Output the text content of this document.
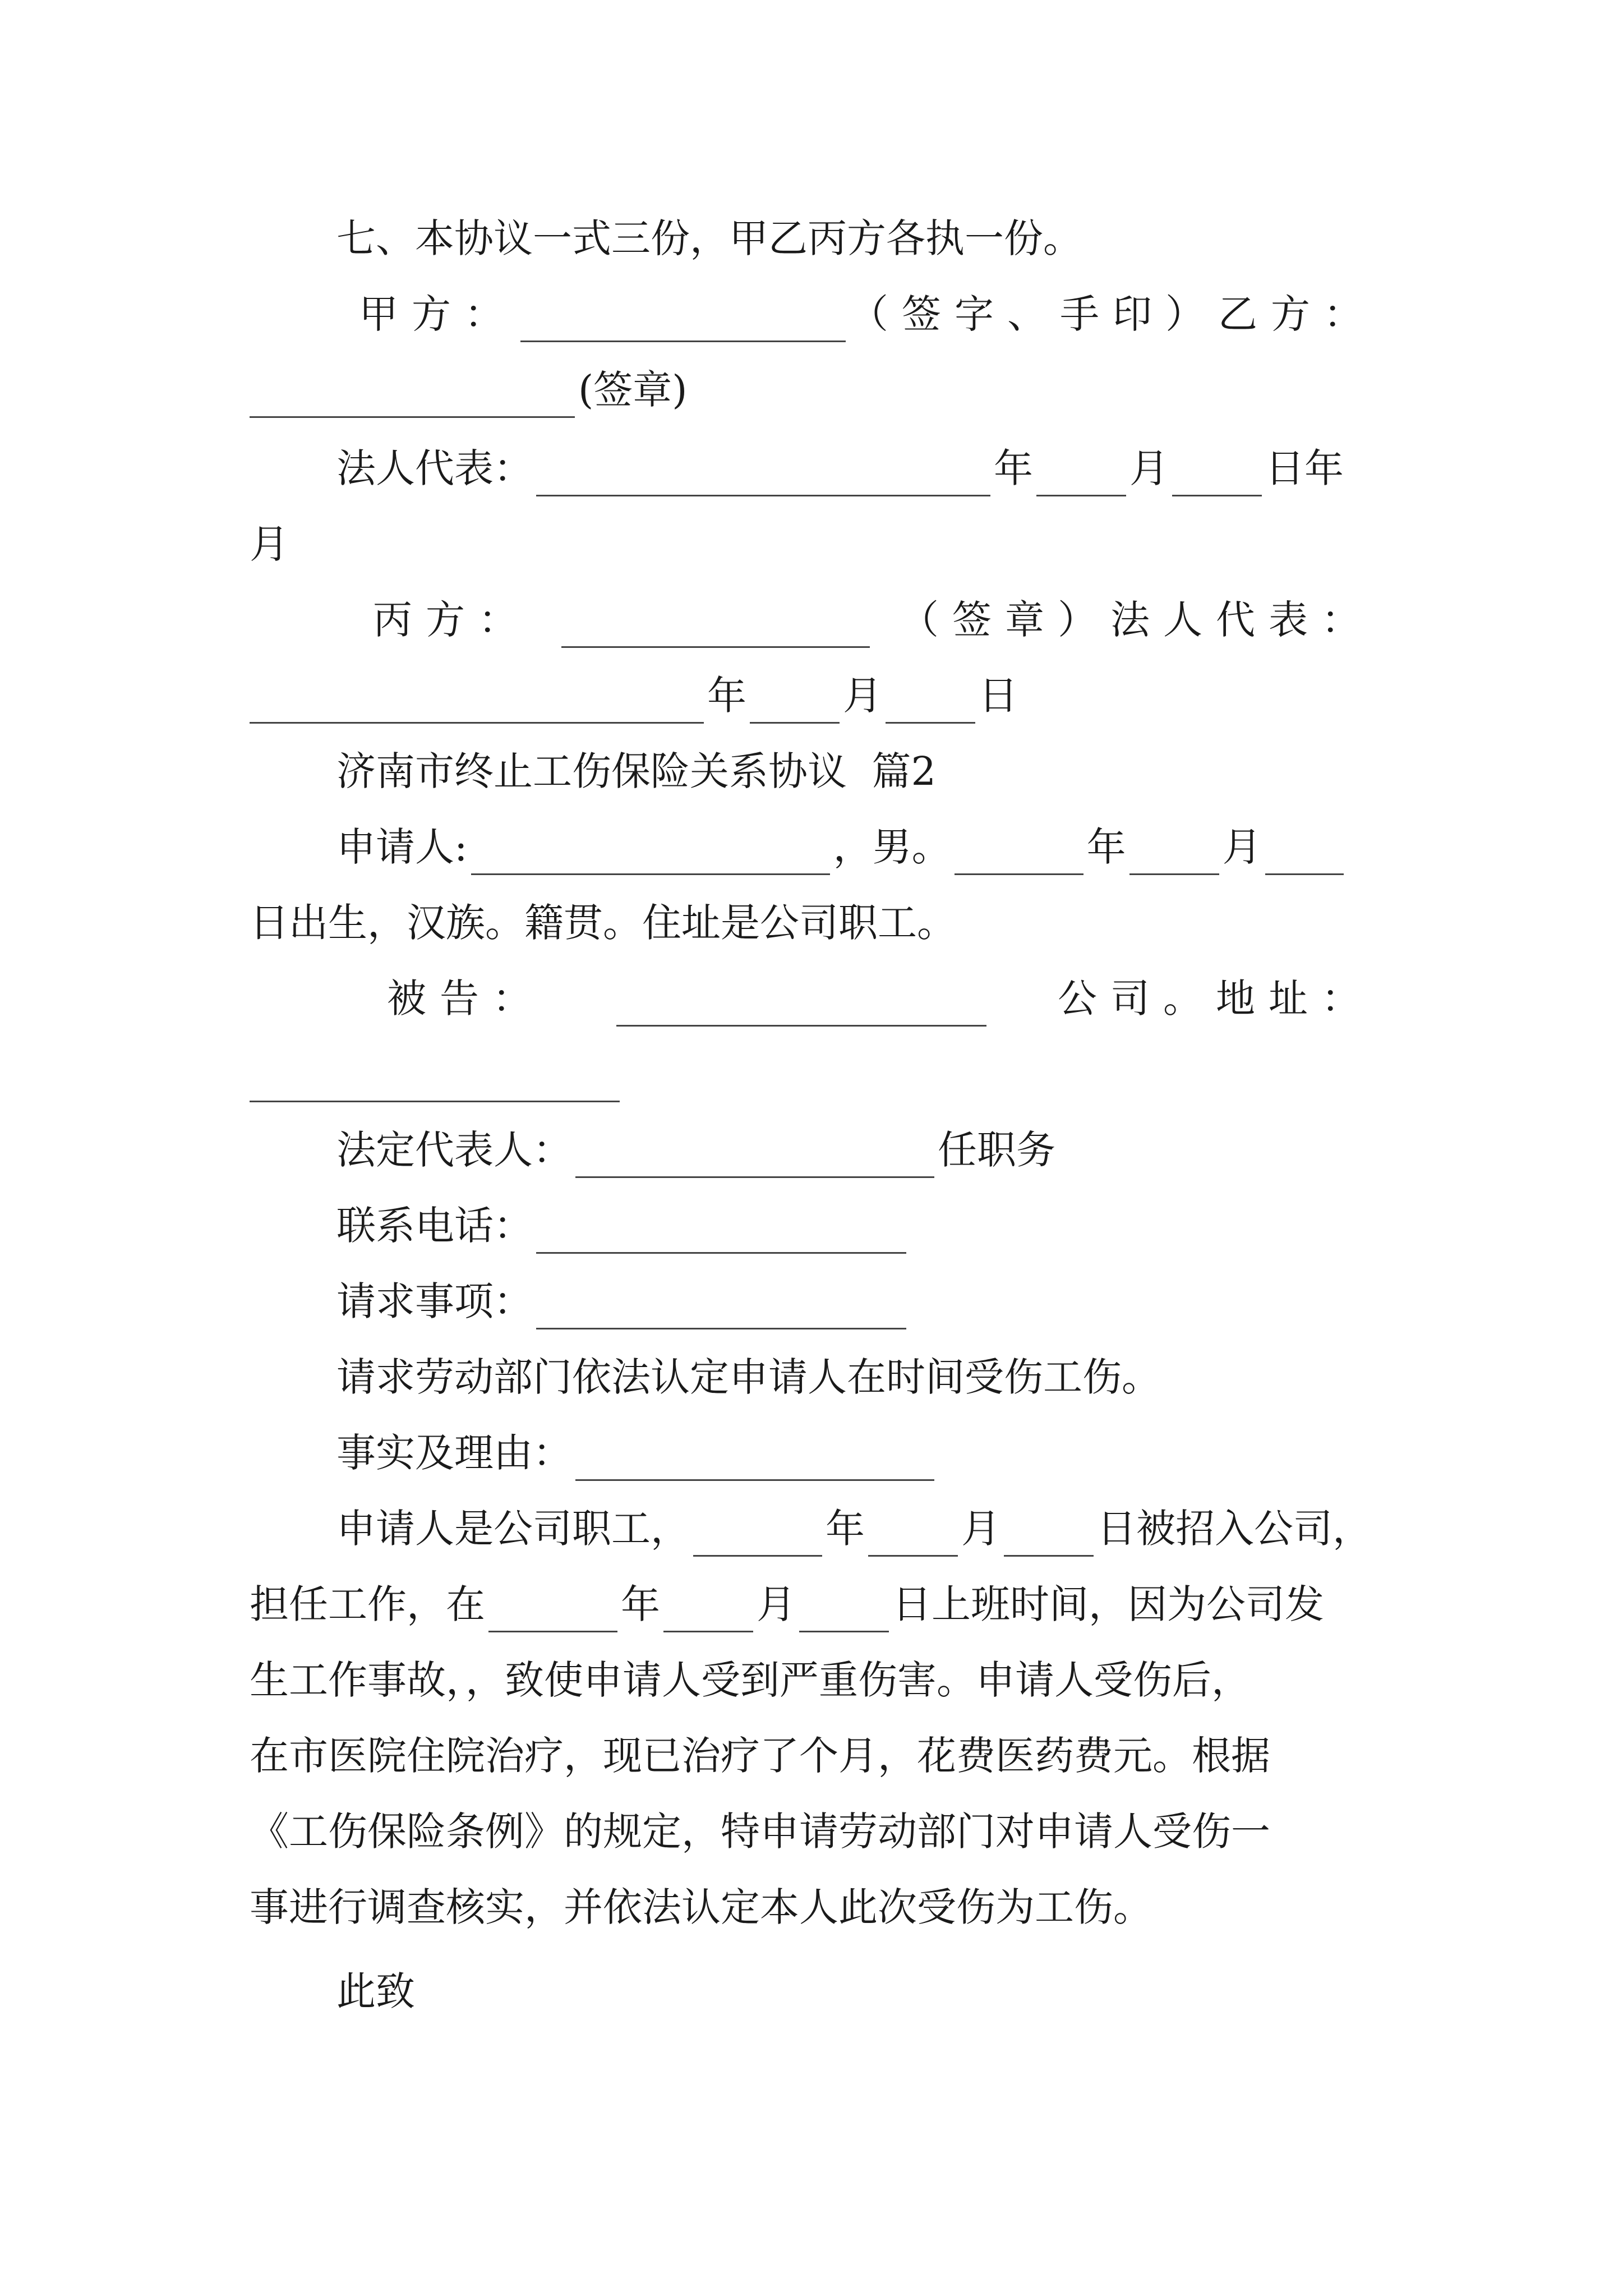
七、本协议一式三份，甲乙丙方各执一份。
甲方：	（签字、手印）乙方：
(签章)
法人代表：	年 月 日年
月
丙方：	（签章）法人代表：
年 月 日
济南市终止工伤保险关系协议  篇2
申请人:	，男。	年 月
日出生，汉族。籍贯。住址是公司职工。
被告：	公司。地址：
法定代表人：	任职务
联系电话：
请求事项：
请求劳动部门依法认定申请人在时间受伤工伤。
事实及理由：
申请人是公司职工，	年 月 日被招入公司，
担任工作，在	年 月 日上班时间，因为公司发
生工作事故，，致使申请人受到严重伤害。申请人受伤后，
在市医院住院治疗，现已治疗了个月，花费医药费元。根据
《工伤保险条例》的规定，特申请劳动部门对申请人受伤一
事进行调查核实，并依法认定本人此次受伤为工伤。
此致
